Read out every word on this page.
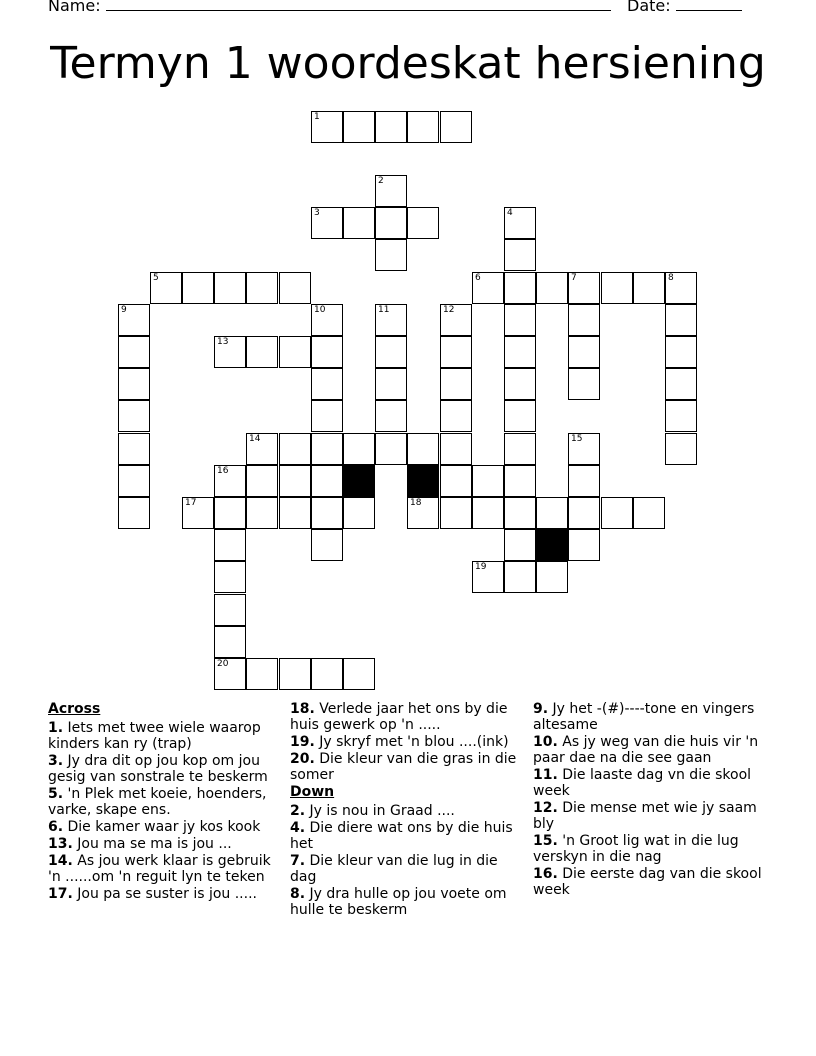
Name:	Date:
Termyn 1 woordeskat hersiening
1
2
3	4
5	6	7	8
9	10	11	12
13
14	15
16
17	18
19
20
Across
1. Iets met twee wiele waarop kinders kan ry (trap)
3. Jy dra dit op jou kop om jou gesig van sonstrale te beskerm
5. 'n Plek met koeie, hoenders, varke, skape ens.
6. Die kamer waar jy kos kook
13. Jou ma se ma is jou ...
14. As jou werk klaar is gebruik 'n ......om 'n reguit lyn te teken
17. Jou pa se suster is jou .....
18. Verlede jaar het ons by die huis gewerk op 'n .....
19. Jy skryf met 'n blou ....(ink)
20. Die kleur van die gras in die somer
Down
2. Jy is nou in Graad ....
4. Die diere wat ons by die huis het
7. Die kleur van die lug in die dag
8. Jy dra hulle op jou voete om hulle te beskerm
9. Jy het -(#)----tone en vingers altesame
10. As jy weg van die huis vir 'n paar dae na die see gaan
11. Die laaste dag vn die skool week
12. Die mense met wie jy saam bly
15. 'n Groot lig wat in die lug verskyn in die nag
16. Die eerste dag van die skool week
